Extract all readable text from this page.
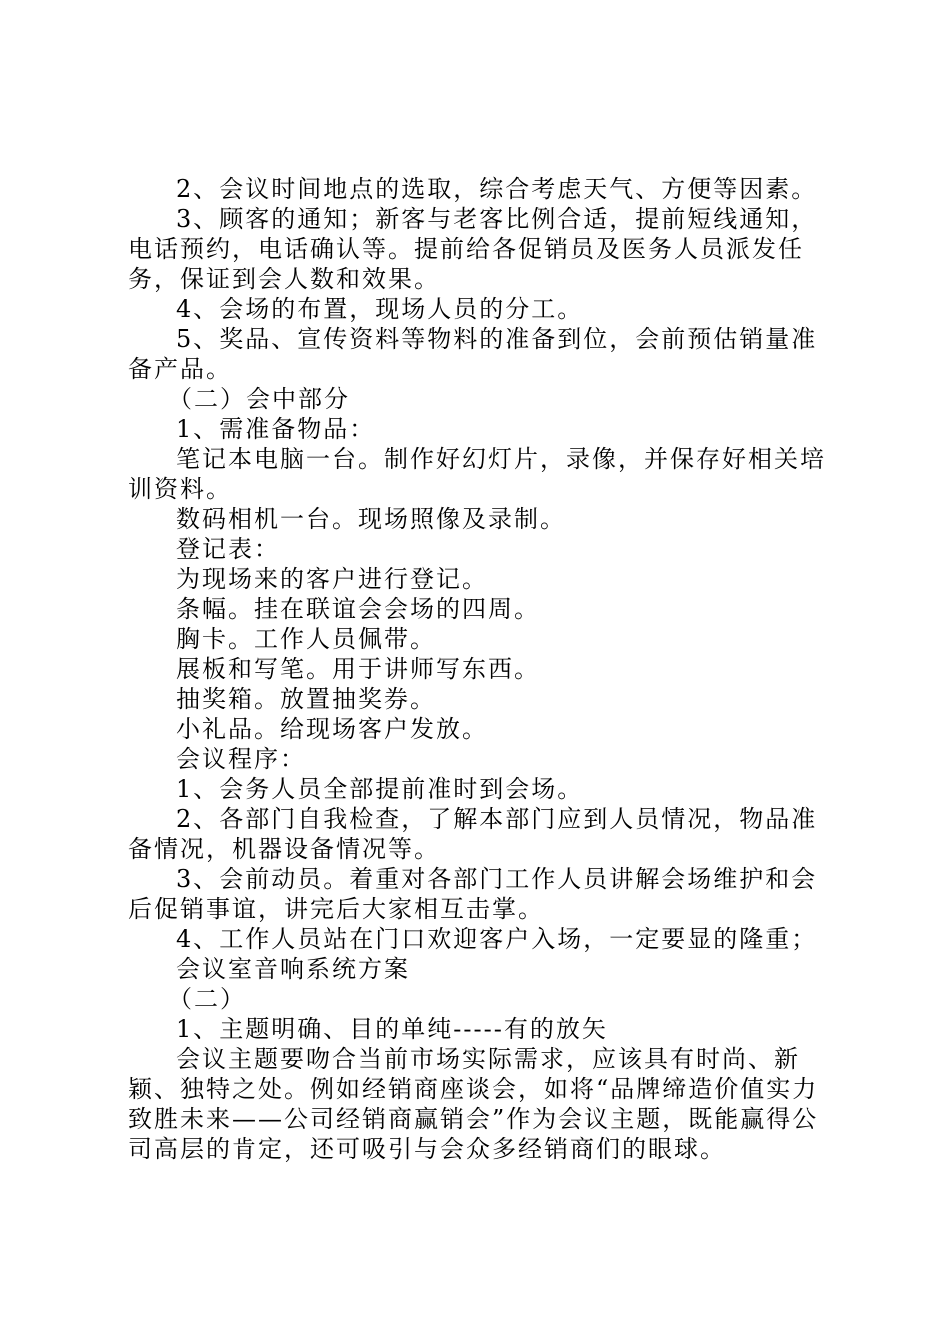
2、会议时间地点的选取，综合考虑天气、方便等因素。

3、顾客的通知；新客与老客比例合适，提前短线通知，电话预约，电话确认等。提前给各促销员及医务人员派发任务，保证到会人数和效果。

4、会场的布置，现场人员的分工。

5、奖品、宣传资料等物料的准备到位，会前预估销量准备产品。

（二）会中部分

1、需准备物品：

笔记本电脑一台。制作好幻灯片，录像，并保存好相关培训资料。

数码相机一台。现场照像及录制。

登记表：

为现场来的客户进行登记。

条幅。挂在联谊会会场的四周。

胸卡。工作人员佩带。

展板和写笔。用于讲师写东西。

抽奖箱。放置抽奖券。

小礼品。给现场客户发放。

会议程序：

1、会务人员全部提前准时到会场。

2、各部门自我检查，了解本部门应到人员情况，物品准备情况，机器设备情况等。

3、会前动员。着重对各部门工作人员讲解会场维护和会后促销事谊，讲完后大家相互击掌。

4、工作人员站在门口欢迎客户入场，一定要显的隆重；

会议室音响系统方案

（二）

1、主题明确、目的单纯-----有的放矢

会议主题要吻合当前市场实际需求，应该具有时尚、新颖、独特之处。例如经销商座谈会，如将“品牌缔造价值实力致胜未来——公司经销商赢销会”作为会议主题，既能赢得公司高层的肯定，还可吸引与会众多经销商们的眼球。
